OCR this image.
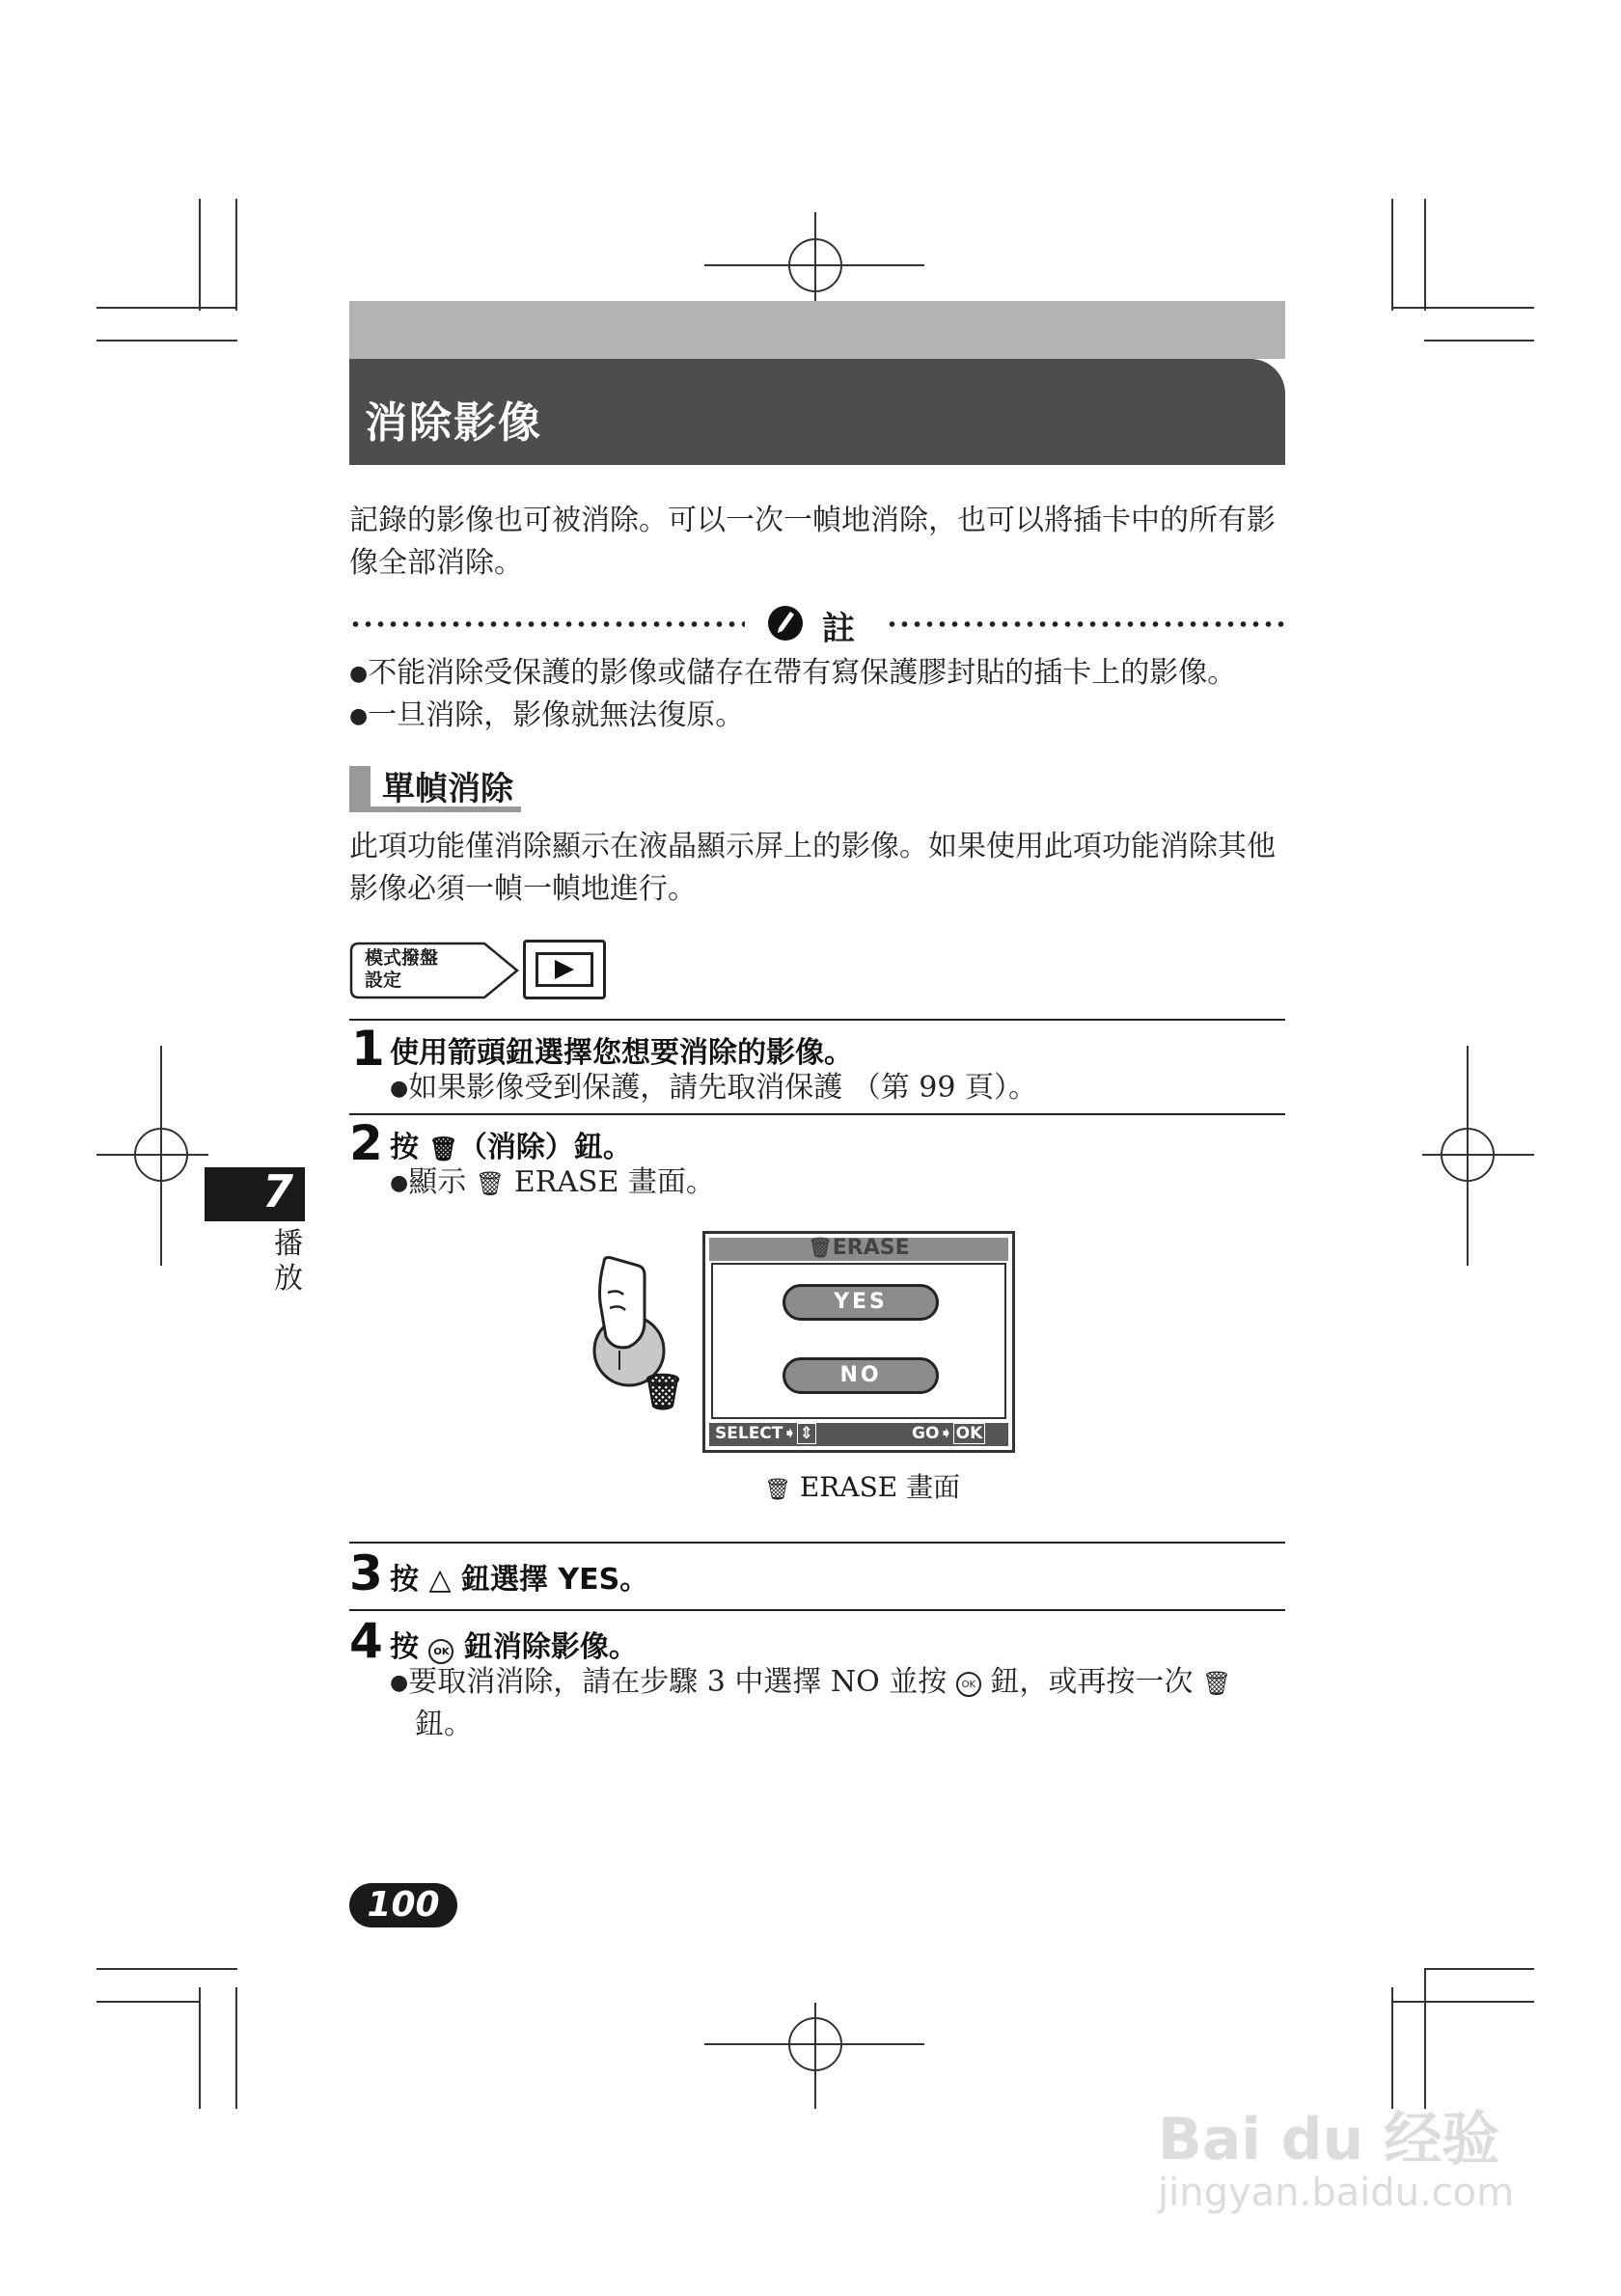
消除影像
記錄的影像也可被消除。可以一次一幀地消除，也可以將插卡中的所有影像全部消除。
註
●不能消除受保護的影像或儲存在帶有寫保護膠封貼的插卡上的影像。
●一旦消除，影像就無法復原。
單幀消除
此項功能僅消除顯示在液晶顯示屏上的影像。如果使用此項功能消除其他影像必須一幀一幀地進行。
模式撥盤
設定
1 使用箭頭鈕選擇您想要消除的影像。
●如果影像受到保護，請先取消保護 （第 99 頁）。
2 按 🗑（消除）鈕。
●顯示 🗑 ERASE 畫面。
🗑
🗑ERASE
YES
NO
SELECT➧ ⇕	GO➧ OK
🗑 ERASE 畫面
3 按 △ 鈕選擇 YES。
4 按 OK 鈕消除影像。
●要取消消除，請在步驟 3 中選擇 NO 並按 OK 鈕，或再按一次 🗑
鈕。
7
播
放
100
Bai du 经验
jingyan.baidu.com
